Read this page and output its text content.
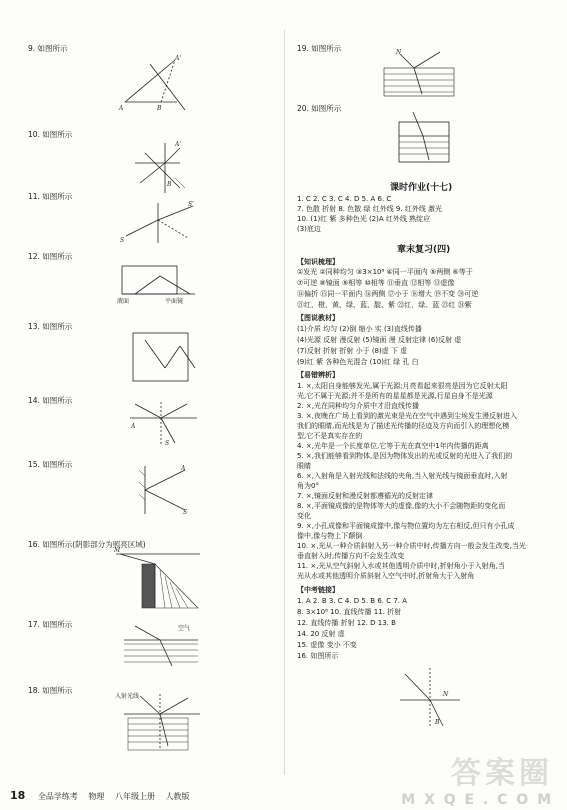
9. 如图所示
A	B
A'
10. 如图所示
A'
B
11. 如图所示
S
S'
12. 如图所示
液面	平面镜
13. 如图所示
14. 如图所示
A
S
15. 如图所示	A
S
16. 如图所示(阴影部分为照亮区域)
M
17. 如图所示	空气
18. 如图所示
入射光线
19. 如图所示	N
20. 如图所示
课时作业(十七)
1. C 2. C 3. C 4. D 5. A 6. C
7. 色散 折射 8. 色散 绿 红外线 9. 红外线 激光
10. (1)红 紫 多种色光 (2)A 红外线 熟绽应
(3)底边
章末复习(四)
【知识梳理】
①发光 ②同种均匀 ③3×10⁸ ④同一平面内 ⑤两侧 ⑥等于
⑦可逆 ⑧镜面 ⑨相等 ⑩相等 ⑪垂直 ⑫相等 ⑬虚像
⑭偏折 ⑮同一平面内 ⑯两侧 ⑰小于 ⑱增大 ⑲不变 ⑳可逆
㉑红、橙、黄、绿、蓝、靛、紫 ㉒红、绿、蓝 ㉓红 ㉔紫
【图说教材】
(1)介质 均匀 (2)倒 缩小 实 (3)直线传播
(4)光源 反射 漫反射 (5)镜面 漫 反射定律 (6)反射 虚
(7)反射 折射 折射 小于 (8)虚 下 虚
(9)红 紫 各种色光混合 (10)红 绿 孔 白
【易错辨析】
1. ×,太阳自身能够发光,属于光源;月亮看起来很亮是因为它反射太阳
光,它不属于光源;并不是所有的星星都是光源,行星自身不是光源
2. ×,光在同种均匀介质中才沿直线传播
3. ×,夜晚在广场上看到的激光束是光在空气中遇到尘埃发生漫反射进入
我们的眼睛,而光线是为了描述光传播的径迹及方向而引入的理想化模
型,它不是真实存在的
4. ×,光年是一个长度单位,它等于光在真空中1年内传播的距离
5. ×,我们能够看到物体,是因为物体发出的光或反射的光进入了我们的
眼睛
6. ×,入射角是入射光线和法线的夹角,当入射光线与镜面垂直时,入射
角为0°
7. ×,镜面反射和漫反射都遵循光的反射定律
8. ×,平面镜成像的是物体等大的虚像,像的大小不会随物距的变化而
变化
9. ×,小孔成像和平面镜成像中,像与物位置均为左右相反,但只有小孔成
像中,像与物上下颠倒
10. ×,光从一种介质斜射入另一种介质中时,传播方向一般会发生改变,当光
垂直射入时,传播方向不会发生改变
11. ×,光从空气斜射入水或其他透明介质中时,折射角小于入射角,当
光从水或其他透明介质斜射入空气中时,折射角大于入射角
【中考链接】
1. A 2. B 3. C 4. D 5. B 6. C 7. A
8. 3×10⁸ 10. 直线传播 11. 折射
12. 直线传播 折射 12. D 13. B
14. 20 反射 虚
15. 虚像 变小 不变
16. 如图所示
B
N
答案圈
M X Q E . C O M
18 全品学练考 物理 八年级上册 人教版
